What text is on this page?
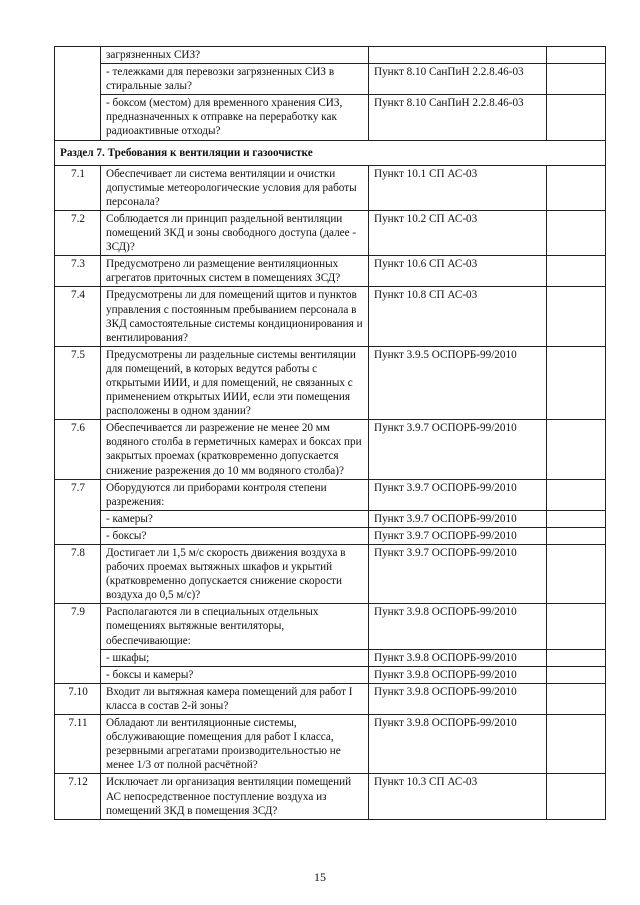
	загрязненных СИЗ?		
	- тележками для перевозки загрязненных СИЗ в стиральные залы?	Пункт 8.10 СанПиН 2.2.8.46-03	
	- боксом (местом) для временного хранения СИЗ, предназначенных к отправке на переработку как радиоактивные отходы?	Пункт 8.10 СанПиН 2.2.8.46-03	
Раздел 7. Требования к вентиляции и газоочистке			
7.1	Обеспечивает ли система вентиляции и очистки допустимые метеорологические условия для работы персонала?	Пункт 10.1 СП АС-03	
7.2	Соблюдается ли принцип раздельной вентиляции помещений ЗКД и зоны свободного доступа (далее - ЗСД)?	Пункт 10.2 СП АС-03	
7.3	Предусмотрено ли размещение вентиляционных агрегатов приточных систем в помещениях ЗСД?	Пункт 10.6 СП АС-03	
7.4	Предусмотрены ли для помещений щитов и пунктов управления с постоянным пребыванием персонала в ЗКД самостоятельные системы кондиционирования и вентилирования?	Пункт 10.8 СП АС-03	
7.5	Предусмотрены ли раздельные системы вентиляции для помещений, в которых ведутся работы с открытыми ИИИ, и для помещений, не связанных с применением открытых ИИИ, если эти помещения расположены в одном здании?	Пункт 3.9.5 ОСПОРБ-99/2010	
7.6	Обеспечивается ли разрежение не менее 20 мм водяного столба в герметичных камерах и боксах при закрытых проемах (кратковременно допускается снижение разрежения до 10 мм водяного столба)?	Пункт 3.9.7 ОСПОРБ-99/2010	
7.7	Оборудуются ли приборами контроля степени разрежения:	Пункт 3.9.7 ОСПОРБ-99/2010	
	- камеры?	Пункт 3.9.7 ОСПОРБ-99/2010	
	- боксы?	Пункт 3.9.7 ОСПОРБ-99/2010	
7.8	Достигает ли 1,5 м/с скорость движения воздуха в рабочих проемах вытяжных шкафов и укрытий (кратковременно допускается снижение скорости воздуха до 0,5 м/с)?	Пункт 3.9.7 ОСПОРБ-99/2010	
7.9	Располагаются ли в специальных отдельных помещениях вытяжные вентиляторы, обеспечивающие:	Пункт 3.9.8 ОСПОРБ-99/2010	
	- шкафы;	Пункт 3.9.8 ОСПОРБ-99/2010	
	- боксы и камеры?	Пункт 3.9.8 ОСПОРБ-99/2010	
7.10	Входит ли вытяжная камера помещений для работ I класса в состав 2-й зоны?	Пункт 3.9.8 ОСПОРБ-99/2010	
7.11	Обладают ли вентиляционные системы, обслуживающие помещения для работ I класса, резервными агрегатами производительностью не менее 1/3 от полной расчётной?	Пункт 3.9.8 ОСПОРБ-99/2010	
7.12	Исключает ли организация вентиляции помещений АС непосредственное поступление воздуха из помещений ЗКД в помещения ЗСД?	Пункт 10.3 СП АС-03	
15
